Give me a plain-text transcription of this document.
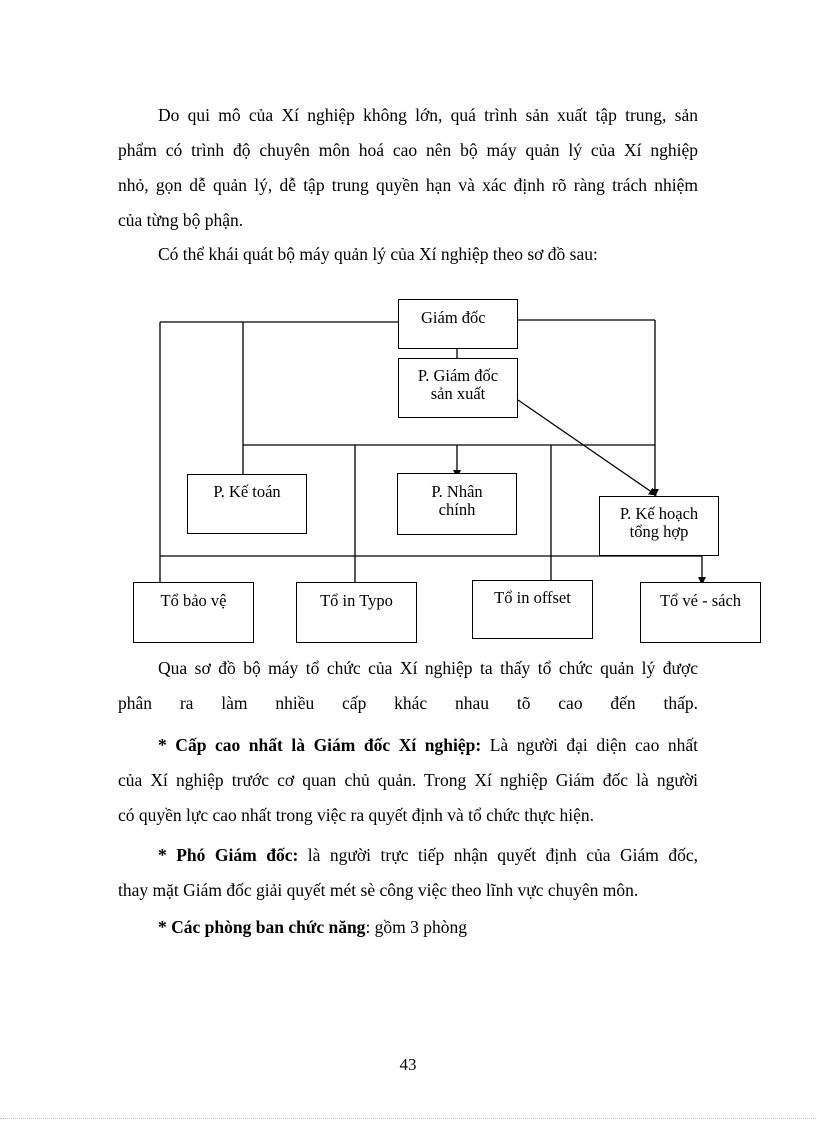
Do qui mô của Xí nghiệp không lớn, quá trình sản xuất tập trung, sản
phẩm có trình độ chuyên môn hoá cao nên bộ máy quản lý của Xí nghiệp
nhỏ, gọn dễ quản lý, dễ tập trung quyền hạn và xác định rõ ràng trách nhiệm
của từng bộ phận.
Có thể khái quát bộ máy quản lý của Xí nghiệp theo sơ đồ sau:
Giám đốc
P. Giám đốc
sản xuất
P. Kế toán	P. Nhân
chính	P. Kế hoạch
tổng hợp
Tổ bảo vệ	Tổ in Typo	Tổ in offset	Tổ vé - sách
Qua sơ đồ bộ máy tổ chức của Xí nghiệp ta thấy tổ chức quản lý được
phân ra làm nhiều cấp khác nhau tõ cao đến thấp.
* Cấp cao nhất là Giám đốc Xí nghiệp: Là người đại diện cao nhất
của Xí nghiệp trước cơ quan chủ quản. Trong Xí nghiệp Giám đốc là người
có quyền lực cao nhất trong việc ra quyết định và tổ chức thực hiện.
* Phó Giám đốc: là người trực tiếp nhận quyết định của Giám đốc,
thay mặt Giám đốc giải quyết mét sè công việc theo lĩnh vực chuyên môn.
* Các phòng ban chức năng: gồm 3 phòng
43
